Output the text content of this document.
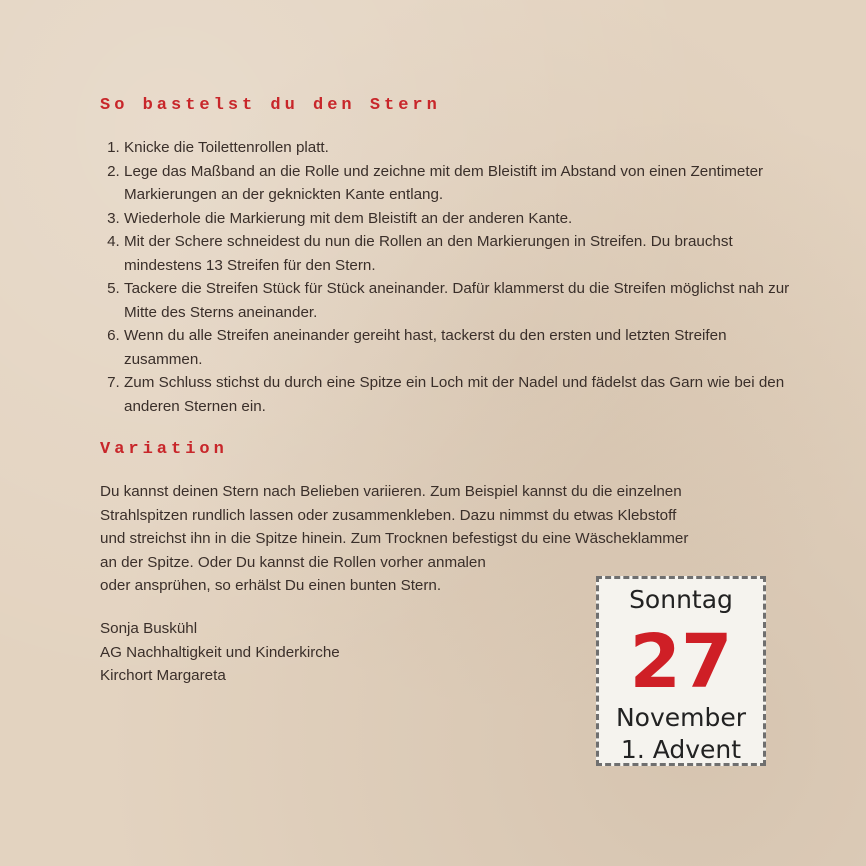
So bastelst du den Stern
1. Knicke die Toilettenrollen platt.
2. Lege das Maßband an die Rolle und zeichne mit dem Bleistift im Abstand von einen Zentimeter Markierungen an der geknickten Kante entlang.
3. Wiederhole die Markierung mit dem Bleistift an der anderen Kante.
4. Mit der Schere schneidest du nun die Rollen an den Markierungen in Streifen. Du brauchst mindestens 13 Streifen für den Stern.
5. Tackere die Streifen Stück für Stück aneinander. Dafür klammerst du die Streifen möglichst nah zur Mitte des Sterns aneinander.
6. Wenn du alle Streifen aneinander gereiht hast, tackerst du den ersten und letzten Streifen zusammen.
7. Zum Schluss stichst du durch eine Spitze ein Loch mit der Nadel und fädelst das Garn wie bei den anderen Sternen ein.
Variation

Du kannst deinen Stern nach Belieben variieren. Zum Beispiel kannst du die einzelnen
Strahlspitzen rundlich lassen oder zusammenkleben. Dazu nimmst du etwas Klebstoff
und streichst ihn in die Spitze hinein. Zum Trocknen befestigst du eine Wäscheklammer
an der Spitze. Oder Du kannst die Rollen vorher anmalen
oder ansprühen, so erhälst Du einen bunten Stern.

Sonja Buskühl
AG Nachhaltigkeit und Kinderkirche
Kirchort Margareta
Sonntag
27
November
1. Advent
